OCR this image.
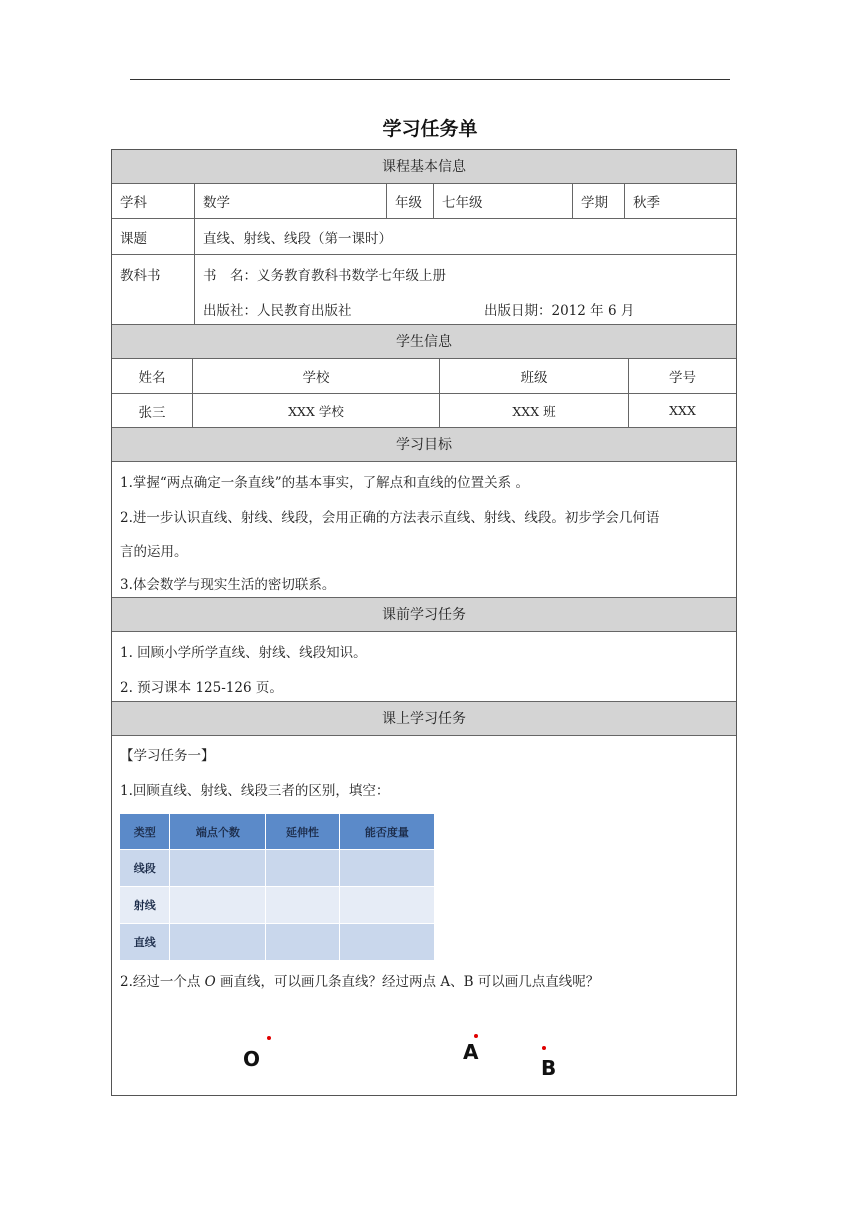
学习任务单
课程基本信息
学科	数学	年级	七年级	学期	秋季
课题	直线、射线、线段（第一课时）
教科书	书　名：义务教育教科书数学七年级上册
出版社：人民教育出版社	出版日期：2012 年 6 月
学生信息
姓名	学校	班级	学号
张三	XXX 学校	XXX 班	XXX
学习目标
1.掌握“两点确定一条直线”的基本事实，了解点和直线的位置关系 。
2.进一步认识直线、射线、线段，会用正确的方法表示直线、射线、线段。初步学会几何语
言的运用。
3.体会数学与现实生活的密切联系。
课前学习任务
1. 回顾小学所学直线、射线、线段知识。
2. 预习课本 125-126 页。
课上学习任务
【学习任务一】
1.回顾直线、射线、线段三者的区别，填空：
类型	端点个数	延伸性	能否度量
线段			
射线			
直线			
2.经过一个点 O 画直线，可以画几条直线？经过两点 A、B 可以画几点直线呢？
O	A
B
